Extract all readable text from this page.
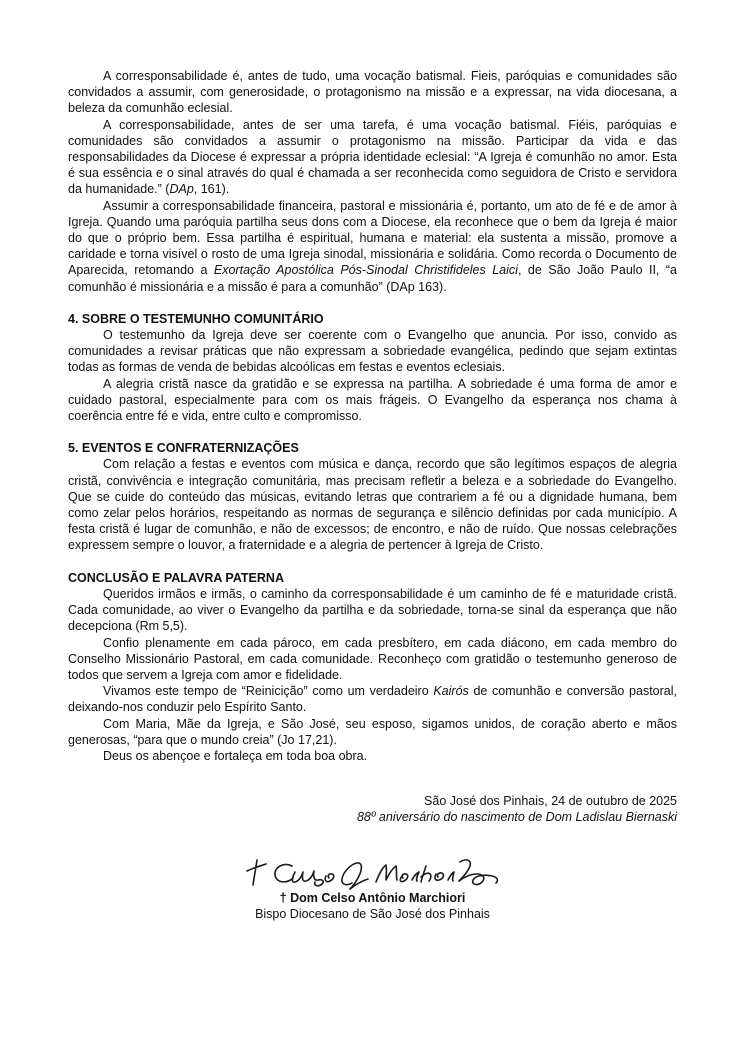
A corresponsabilidade é, antes de tudo, uma vocação batismal. Fieis, paróquias e comunidades são convidados a assumir, com generosidade, o protagonismo na missão e a expressar, na vida diocesana, a beleza da comunhão eclesial.

A corresponsabilidade, antes de ser uma tarefa, é uma vocação batismal. Fiéis, paróquias e comunidades são convidados a assumir o protagonismo na missão. Participar da vida e das responsabilidades da Diocese é expressar a própria identidade eclesial: “A Igreja é comunhão no amor. Esta é sua essência e o sinal através do qual é chamada a ser reconhecida como seguidora de Cristo e servidora da humanidade.” (DAp, 161).

Assumir a corresponsabilidade financeira, pastoral e missionária é, portanto, um ato de fé e de amor à Igreja. Quando uma paróquia partilha seus dons com a Diocese, ela reconhece que o bem da Igreja é maior do que o próprio bem. Essa partilha é espiritual, humana e material: ela sustenta a missão, promove a caridade e torna visível o rosto de uma Igreja sinodal, missionária e solidária. Como recorda o Documento de Aparecida, retomando a Exortação Apostólica Pós-Sinodal Christifideles Laici, de São João Paulo II, “a comunhão é missionária e a missão é para a comunhão” (DAp 163).

4. SOBRE O TESTEMUNHO COMUNITÁRIO

O testemunho da Igreja deve ser coerente com o Evangelho que anuncia. Por isso, convido as comunidades a revisar práticas que não expressam a sobriedade evangélica, pedindo que sejam extintas todas as formas de venda de bebidas alcoólicas em festas e eventos eclesiais.

A alegria cristã nasce da gratidão e se expressa na partilha. A sobriedade é uma forma de amor e cuidado pastoral, especialmente para com os mais frágeis. O Evangelho da esperança nos chama à coerência entre fé e vida, entre culto e compromisso.

5. EVENTOS E CONFRATERNIZAÇÕES

Com relação a festas e eventos com música e dança, recordo que são legítimos espaços de alegria cristã, convivência e integração comunitária, mas precisam refletir a beleza e a sobriedade do Evangelho. Que se cuide do conteúdo das músicas, evitando letras que contrariem a fé ou a dignidade humana, bem como zelar pelos horários, respeitando as normas de segurança e silêncio definidas por cada município. A festa cristã é lugar de comunhão, e não de excessos; de encontro, e não de ruído. Que nossas celebrações expressem sempre o louvor, a fraternidade e a alegria de pertencer à Igreja de Cristo.

CONCLUSÃO E PALAVRA PATERNA

Queridos irmãos e irmãs, o caminho da corresponsabilidade é um caminho de fé e maturidade cristã. Cada comunidade, ao viver o Evangelho da partilha e da sobriedade, torna-se sinal da esperança que não decepciona (Rm 5,5).

Confio plenamente em cada pároco, em cada presbítero, em cada diácono, em cada membro do Conselho Missionário Pastoral, em cada comunidade. Reconheço com gratidão o testemunho generoso de todos que servem a Igreja com amor e fidelidade.

Vivamos este tempo de “Reinicição” como um verdadeiro Kairós de comunhão e conversão pastoral, deixando-nos conduzir pelo Espírito Santo.

Com Maria, Mãe da Igreja, e São José, seu esposo, sigamos unidos, de coração aberto e mãos generosas, “para que o mundo creia” (Jo 17,21).

Deus os abençoe e fortaleça em toda boa obra.

São José dos Pinhais, 24 de outubro de 2025
88º aniversário do nascimento de Dom Ladislau Biernaski

† Dom Celso Antônio Marchiori

Bispo Diocesano de São José dos Pinhais
